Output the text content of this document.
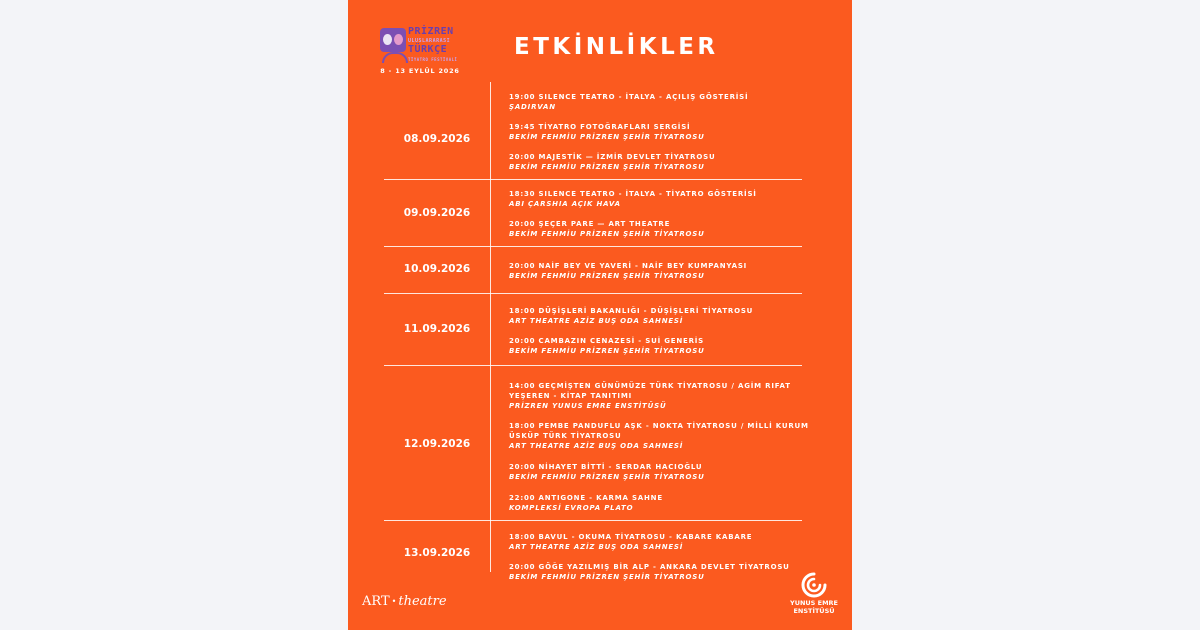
PRİZREN
ULUSLARARASI
TÜRKÇE
TİYATRO FESTİVALİ
8 - 13 EYLÜL 2026
ETKİNLİKLER
08.09.2026
19:00 SILENCE TEATRO - İTALYA - AÇILIŞ GÖSTERİSİ
ŞADIRVAN
19:45 TİYATRO FOTOĞRAFLARI SERGİSİ
BEKİM FEHMİU PRİZREN ŞEHİR TİYATROSU
20:00 MAJESTİK — İZMİR DEVLET TİYATROSU
BEKİM FEHMİU PRİZREN ŞEHİR TİYATROSU
09.09.2026
18:30 SILENCE TEATRO - İTALYA - TİYATRO GÖSTERİSİ
ABI ÇARSHIA AÇIK HAVA
20:00 ŞEÇER PARE — ART THEATRE
BEKİM FEHMİU PRİZREN ŞEHİR TİYATROSU
10.09.2026	20:00 NAİF BEY VE YAVERİ - NAİF BEY KUMPANYASI
BEKİM FEHMİU PRİZREN ŞEHİR TİYATROSU
11.09.2026
18:00 DÜŞİŞLERİ BAKANLIĞI - DÜŞİŞLERİ TİYATROSU
ART THEATRE AZİZ BUŞ ODA SAHNESİ
20:00 CAMBAZIN CENAZESİ - SUİ GENERİS
BEKİM FEHMİU PRİZREN ŞEHİR TİYATROSU
12.09.2026
14:00 GEÇMİŞTEN GÜNÜMÜZE TÜRK TİYATROSU / AGİM RIFAT YEŞEREN - KİTAP TANITIMI
PRİZREN YUNUS EMRE ENSTİTÜSÜ
18:00 PEMBE PANDUFLU AŞK - NOKTA TİYATROSU / MİLLİ KURUM ÜSKÜP TÜRK TİYATROSU
ART THEATRE AZİZ BUŞ ODA SAHNESİ
20:00 NİHAYET BİTTİ - SERDAR HACIOĞLU
BEKİM FEHMİU PRİZREN ŞEHİR TİYATROSU
22:00 ANTIGONE - KARMA SAHNE
KOMPLEKSİ EVROPA PLATO
13.09.2026
18:00 BAVUL - OKUMA TİYATROSU - KABARE KABARE
ART THEATRE AZİZ BUŞ ODA SAHNESİ
20:00 GÖĞE YAZILMIŞ BİR ALP - ANKARA DEVLET TİYATROSU
BEKİM FEHMİU PRİZREN ŞEHİR TİYATROSU
ART • theatre	YUNUS EMRE
ENSTİTÜSÜ
